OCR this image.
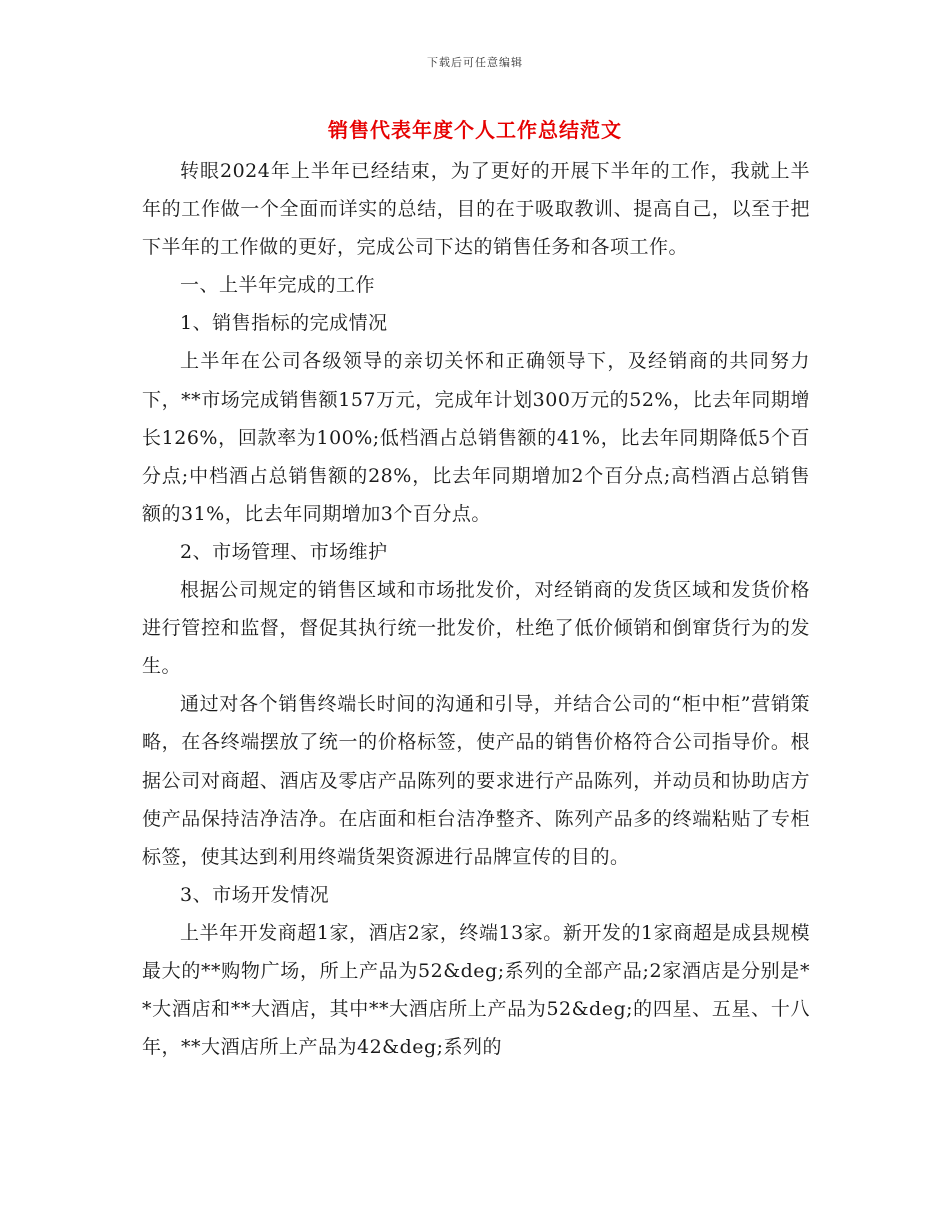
下载后可任意编辑
销售代表年度个人工作总结范文

转眼2024年上半年已经结束，为了更好的开展下半年的工作，我就上半年的工作做一个全面而详实的总结，目的在于吸取教训、提高自己，以至于把下半年的工作做的更好，完成公司下达的销售任务和各项工作。

一、上半年完成的工作

1、销售指标的完成情况

上半年在公司各级领导的亲切关怀和正确领导下，及经销商的共同努力下，**市场完成销售额157万元，完成年计划300万元的52%，比去年同期增长126%，回款率为100%;低档酒占总销售额的41%，比去年同期降低5个百分点;中档酒占总销售额的28%，比去年同期增加2个百分点;高档酒占总销售额的31%，比去年同期增加3个百分点。

2、市场管理、市场维护

根据公司规定的销售区域和市场批发价，对经销商的发货区域和发货价格进行管控和监督，督促其执行统一批发价，杜绝了低价倾销和倒窜货行为的发生。

通过对各个销售终端长时间的沟通和引导，并结合公司的“柜中柜”营销策略，在各终端摆放了统一的价格标签，使产品的销售价格符合公司指导价。根据公司对商超、酒店及零店产品陈列的要求进行产品陈列，并动员和协助店方使产品保持洁净洁净。在店面和柜台洁净整齐、陈列产品多的终端粘贴了专柜标签，使其达到利用终端货架资源进行品牌宣传的目的。

3、市场开发情况

上半年开发商超1家，酒店2家，终端13家。新开发的1家商超是成县规模最大的**购物广场，所上产品为52&deg;系列的全部产品;2家酒店是分别是**大酒店和**大酒店，其中**大酒店所上产品为52&deg;的四星、五星、十八年，**大酒店所上产品为42&deg;系列的
